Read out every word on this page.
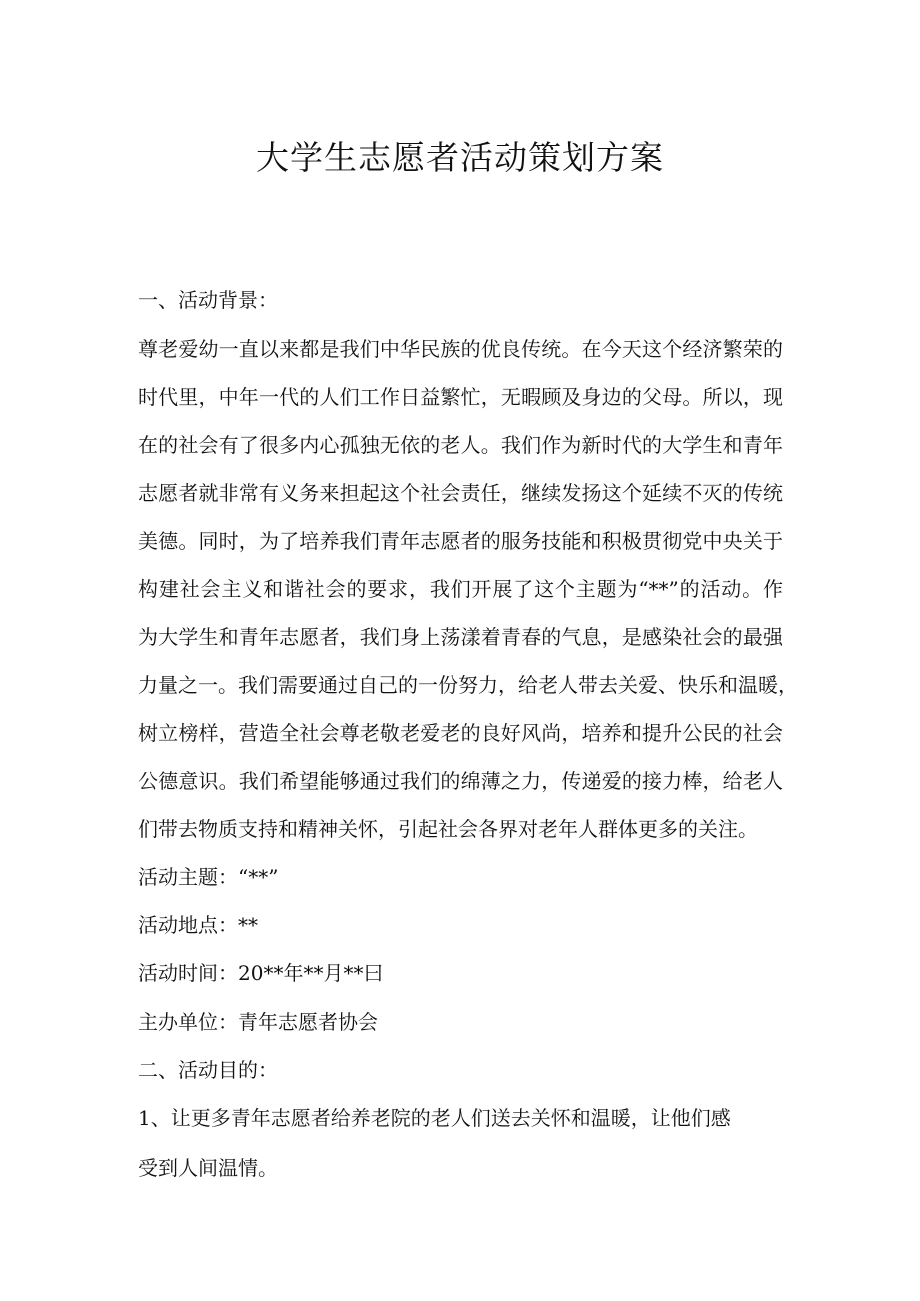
大学生志愿者活动策划方案

一、活动背景：

尊老爱幼一直以来都是我们中华民族的优良传统。在今天这个经济繁荣的

时代里，中年一代的人们工作日益繁忙，无暇顾及身边的父母。所以，现

在的社会有了很多内心孤独无依的老人。我们作为新时代的大学生和青年

志愿者就非常有义务来担起这个社会责任，继续发扬这个延续不灭的传统

美德。同时，为了培养我们青年志愿者的服务技能和积极贯彻党中央关于

构建社会主义和谐社会的要求，我们开展了这个主题为“**”的活动。作

为大学生和青年志愿者，我们身上荡漾着青春的气息，是感染社会的最强

力量之一。我们需要通过自己的一份努力，给老人带去关爱、快乐和温暖，

树立榜样，营造全社会尊老敬老爱老的良好风尚，培养和提升公民的社会

公德意识。我们希望能够通过我们的绵薄之力，传递爱的接力棒，给老人

们带去物质支持和精神关怀，引起社会各界对老年人群体更多的关注。

活动主题：“**”

活动地点：**

活动时间：20**年**月**曰

主办单位：青年志愿者协会

二、活动目的：

1、让更多青年志愿者给养老院的老人们送去关怀和温暖，让他们感

受到人间温情。
